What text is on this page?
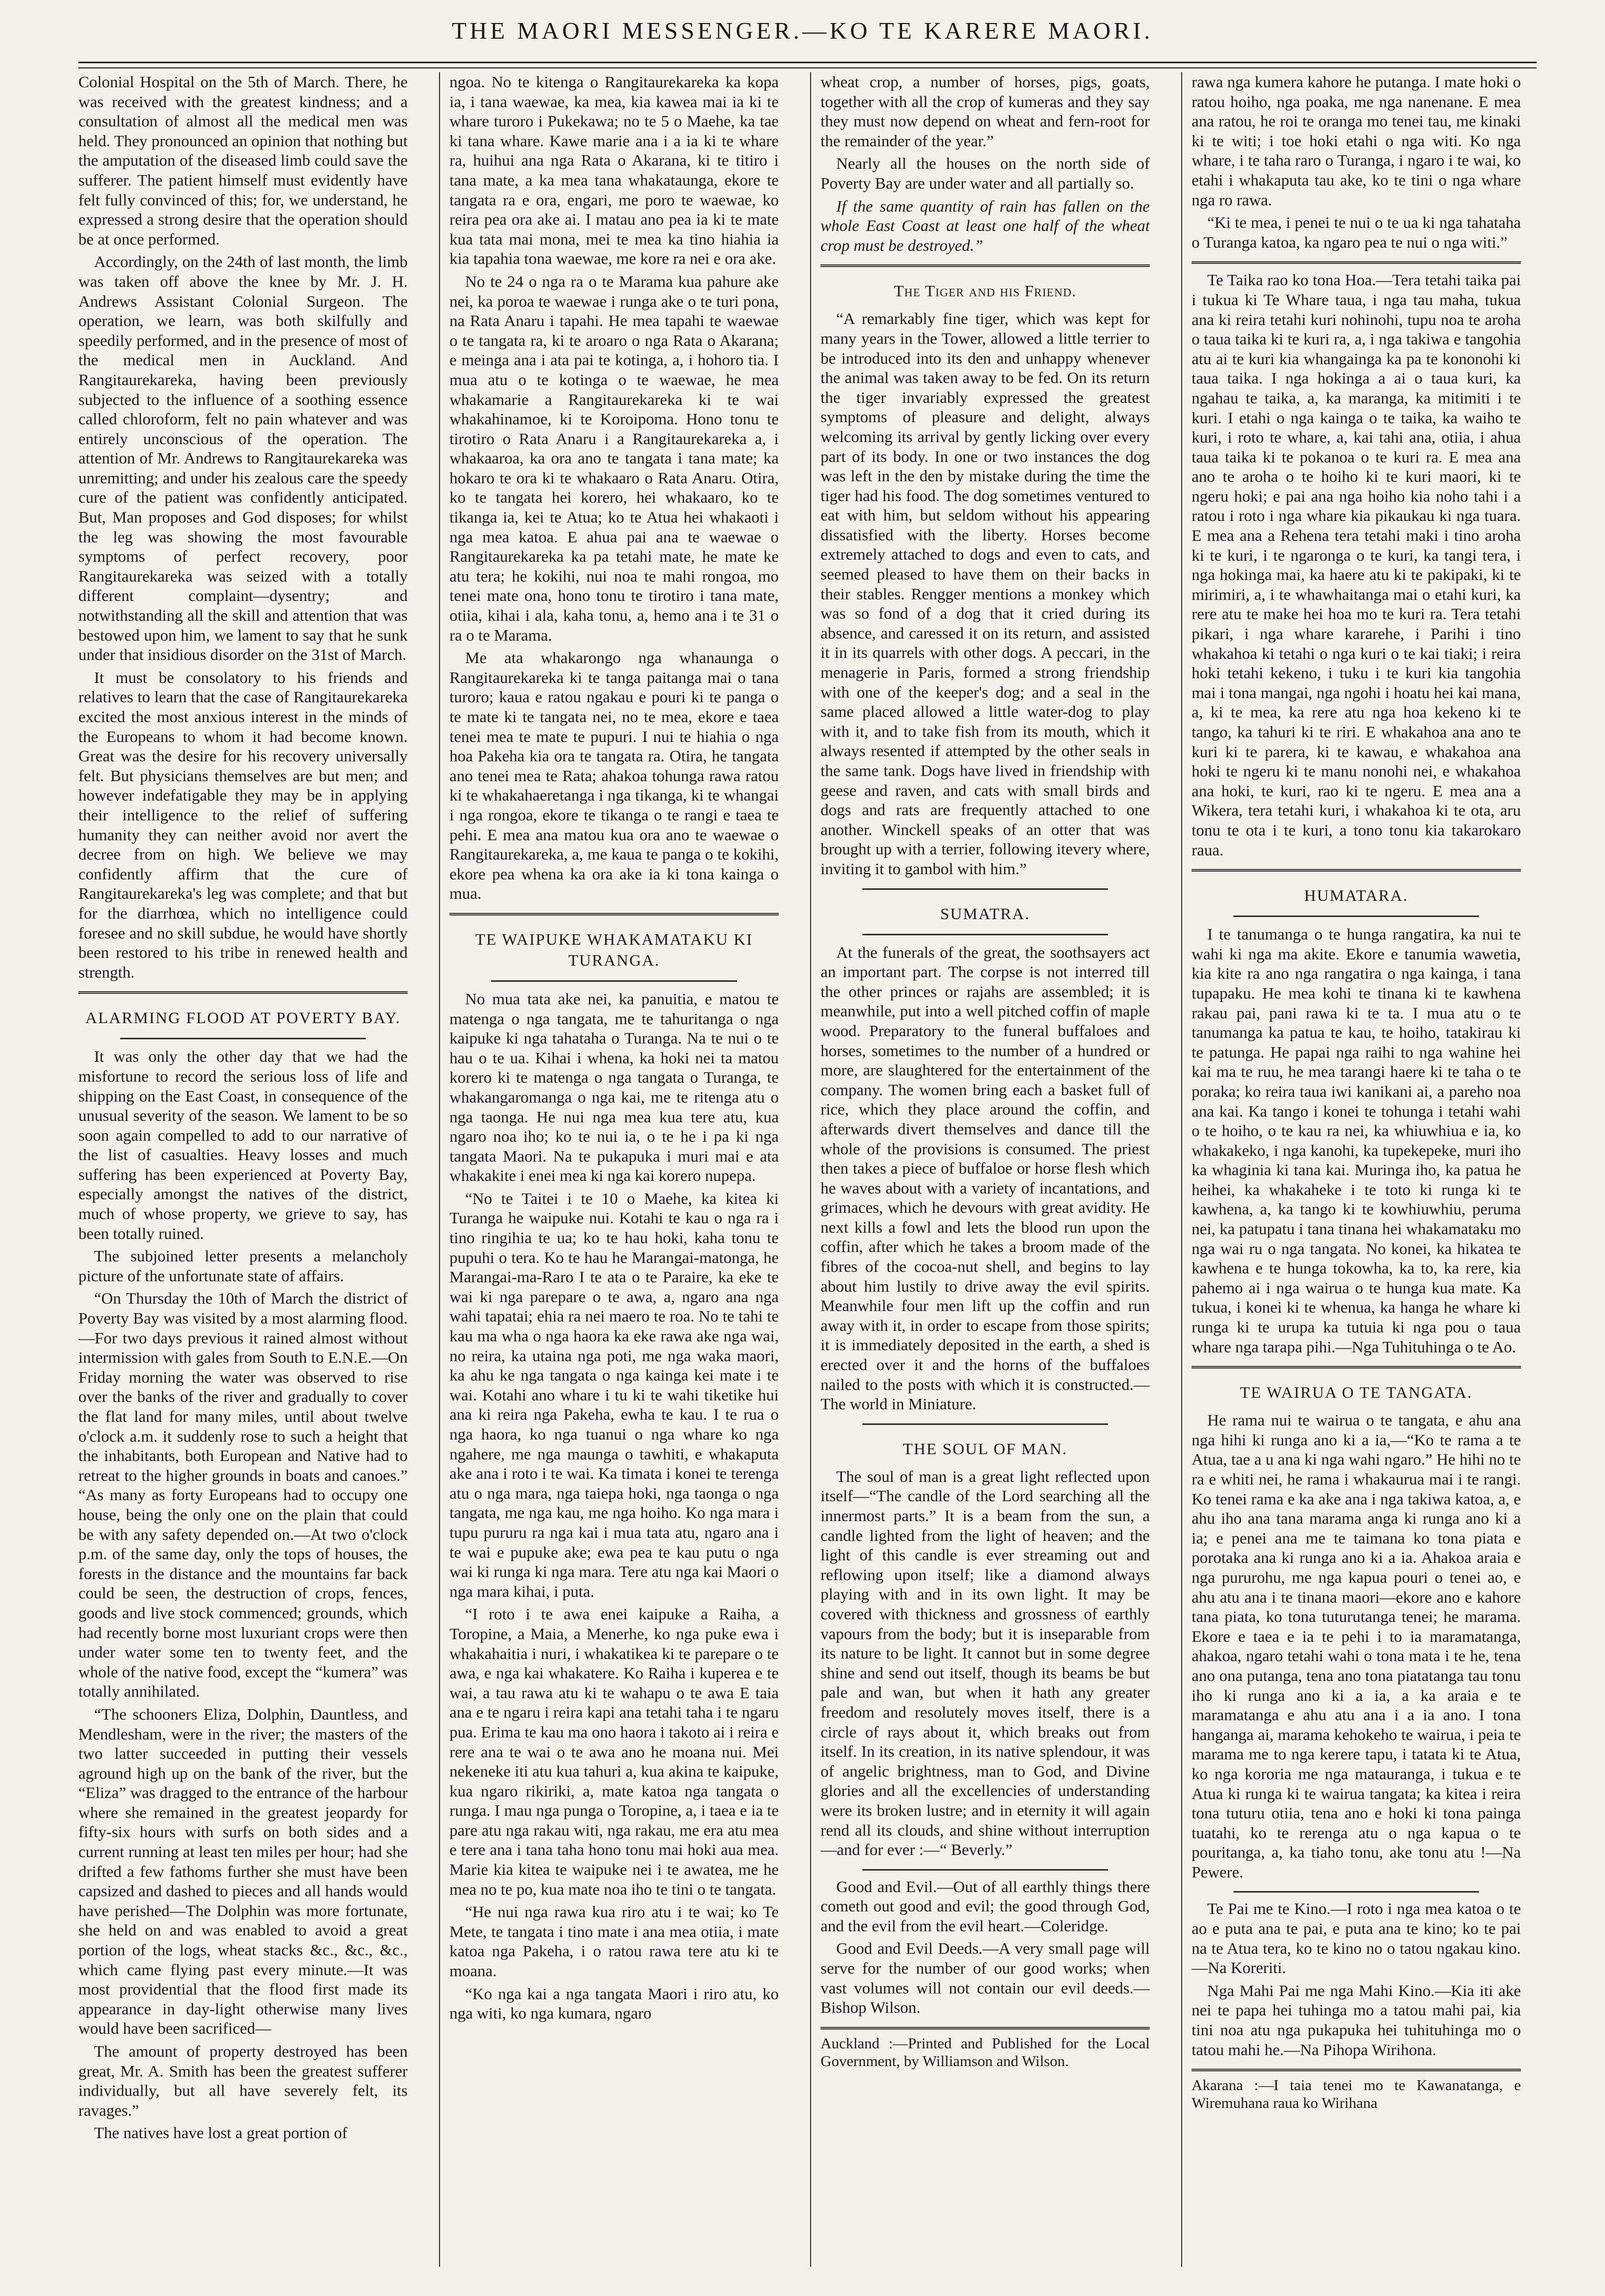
THE MAORI MESSENGER.—KO TE KARERE MAORI.

Colonial Hospital on the 5th of March. There, he was received with the greatest kindness; and a consultation of almost all the medical men was held. They pronounced an opinion that nothing but the amputation of the diseased limb could save the sufferer. The patient himself must evidently have felt fully convinced of this; for, we understand, he expressed a strong desire that the operation should be at once performed.

Accordingly, on the 24th of last month, the limb was taken off above the knee by Mr. J. H. Andrews Assistant Colonial Surgeon. The operation, we learn, was both skilfully and speedily performed, and in the presence of most of the medical men in Auckland. And Rangitaurekareka, having been previously subjected to the influence of a soothing essence called chloroform, felt no pain whatever and was entirely unconscious of the operation. The attention of Mr. Andrews to Rangitaurekareka was unremitting; and under his zealous care the speedy cure of the patient was confidently anticipated. But, Man proposes and God disposes; for whilst the leg was showing the most favourable symptoms of perfect recovery, poor Rangitaurekareka was seized with a totally different complaint—dysentry; and notwithstanding all the skill and attention that was bestowed upon him, we lament to say that he sunk under that insidious disorder on the 31st of March.

It must be consolatory to his friends and relatives to learn that the case of Rangitaurekareka excited the most anxious interest in the minds of the Europeans to whom it had become known. Great was the desire for his recovery universally felt. But physicians themselves are but men; and however indefatigable they may be in applying their intelligence to the relief of suffering humanity they can neither avoid nor avert the decree from on high. We believe we may confidently affirm that the cure of Rangitaurekareka's leg was complete; and that but for the diarrhœa, which no intelligence could foresee and no skill subdue, he would have shortly been restored to his tribe in renewed health and strength.

ALARMING FLOOD AT POVERTY BAY.

It was only the other day that we had the misfortune to record the serious loss of life and shipping on the East Coast, in consequence of the unusual severity of the season. We lament to be so soon again compelled to add to our narrative of the list of casualties. Heavy losses and much suffering has been experienced at Poverty Bay, especially amongst the natives of the district, much of whose property, we grieve to say, has been totally ruined.

The subjoined letter presents a melancholy picture of the unfortunate state of affairs.

“On Thursday the 10th of March the district of Poverty Bay was visited by a most alarming flood.—For two days previous it rained almost without intermission with gales from South to E.N.E.—On Friday morning the water was observed to rise over the banks of the river and gradually to cover the flat land for many miles, until about twelve o'clock a.m. it suddenly rose to such a height that the inhabitants, both European and Native had to retreat to the higher grounds in boats and canoes.” “As many as forty Europeans had to occupy one house, being the only one on the plain that could be with any safety depended on.—At two o'clock p.m. of the same day, only the tops of houses, the forests in the distance and the mountains far back could be seen, the destruction of crops, fences, goods and live stock commenced; grounds, which had recently borne most luxuriant crops were then under water some ten to twenty feet, and the whole of the native food, except the “kumera” was totally annihilated.

“The schooners Eliza, Dolphin, Dauntless, and Mendlesham, were in the river; the masters of the two latter succeeded in putting their vessels aground high up on the bank of the river, but the “Eliza” was dragged to the entrance of the harbour where she remained in the greatest jeopardy for fifty-six hours with surfs on both sides and a current running at least ten miles per hour; had she drifted a few fathoms further she must have been capsized and dashed to pieces and all hands would have perished—The Dolphin was more fortunate, she held on and was enabled to avoid a great portion of the logs, wheat stacks &c., &c., &c., which came flying past every minute.—It was most providential that the flood first made its appearance in day-light otherwise many lives would have been sacrificed—

The amount of property destroyed has been great, Mr. A. Smith has been the greatest sufferer individually, but all have severely felt, its ravages.”

The natives have lost a great portion of

ngoa. No te kitenga o Rangitaurekareka ka kopa ia, i tana waewae, ka mea, kia kawea mai ia ki te whare turoro i Pukekawa; no te 5 o Maehe, ka tae ki tana whare. Kawe marie ana i a ia ki te whare ra, huihui ana nga Rata o Akarana, ki te titiro i tana mate, a ka mea tana whakataunga, ekore te tangata ra e ora, engari, me poro te waewae, ko reira pea ora ake ai. I matau ano pea ia ki te mate kua tata mai mona, mei te mea ka tino hiahia ia kia tapahia tona waewae, me kore ra nei e ora ake.

No te 24 o nga ra o te Marama kua pahure ake nei, ka poroa te waewae i runga ake o te turi pona, na Rata Anaru i tapahi. He mea tapahi te waewae o te tangata ra, ki te aroaro o nga Rata o Akarana; e meinga ana i ata pai te kotinga, a, i hohoro tia. I mua atu o te kotinga o te waewae, he mea whakamarie a Rangitaurekareka ki te wai whakahinamoe, ki te Koroipoma. Hono tonu te tirotiro o Rata Anaru i a Rangitaurekareka a, i whakaaroa, ka ora ano te tangata i tana mate; ka hokaro te ora ki te whakaaro o Rata Anaru. Otira, ko te tangata hei korero, hei whakaaro, ko te tikanga ia, kei te Atua; ko te Atua hei whakaoti i nga mea katoa. E ahua pai ana te waewae o Rangitaurekareka ka pa tetahi mate, he mate ke atu tera; he kokihi, nui noa te mahi rongoa, mo tenei mate ona, hono tonu te tirotiro i tana mate, otiia, kihai i ala, kaha tonu, a, hemo ana i te 31 o ra o te Marama.

Me ata whakarongo nga whanaunga o Rangitaurekareka ki te tanga paitanga mai o tana turoro; kaua e ratou ngakau e pouri ki te panga o te mate ki te tangata nei, no te mea, ekore e taea tenei mea te mate te pupuri. I nui te hiahia o nga hoa Pakeha kia ora te tangata ra. Otira, he tangata ano tenei mea te Rata; ahakoa tohunga rawa ratou ki te whakahaeretanga i nga tikanga, ki te whangai i nga rongoa, ekore te tikanga o te rangi e taea te pehi. E mea ana matou kua ora ano te waewae o Rangitaurekareka, a, me kaua te panga o te kokihi, ekore pea whena ka ora ake ia ki tona kainga o mua.

TE WAIPUKE WHAKAMATAKU KI TURANGA.

No mua tata ake nei, ka panuitia, e matou te matenga o nga tangata, me te tahuritanga o nga kaipuke ki nga tahataha o Turanga. Na te nui o te hau o te ua. Kihai i whena, ka hoki nei ta matou korero ki te matenga o nga tangata o Turanga, te whakangaromanga o nga kai, me te ritenga atu o nga taonga. He nui nga mea kua tere atu, kua ngaro noa iho; ko te nui ia, o te he i pa ki nga tangata Maori. Na te pukapuka i muri mai e ata whakakite i enei mea ki nga kai korero nupepa.

“No te Taitei i te 10 o Maehe, ka kitea ki Turanga he waipuke nui. Kotahi te kau o nga ra i tino ringihia te ua; ko te hau hoki, kaha tonu te pupuhi o tera. Ko te hau he Marangai-matonga, he Marangai-ma-Raro I te ata o te Paraire, ka eke te wai ki nga parepare o te awa, a, ngaro ana nga wahi tapatai; ehia ra nei maero te roa. No te tahi te kau ma wha o nga haora ka eke rawa ake nga wai, no reira, ka utaina nga poti, me nga waka maori, ka ahu ke nga tangata o nga kainga kei mate i te wai. Kotahi ano whare i tu ki te wahi tiketike hui ana ki reira nga Pakeha, ewha te kau. I te rua o nga haora, ko nga tuanui o nga whare ko nga ngahere, me nga maunga o tawhiti, e whakaputa ake ana i roto i te wai. Ka timata i konei te terenga atu o nga mara, nga taiepa hoki, nga taonga o nga tangata, me nga kau, me nga hoiho. Ko nga mara i tupu pururu ra nga kai i mua tata atu, ngaro ana i te wai e pupuke ake; ewa pea te kau putu o nga wai ki runga ki nga mara. Tere atu nga kai Maori o nga mara kihai, i puta.

“I roto i te awa enei kaipuke a Raiha, a Toropine, a Maia, a Menerhe, ko nga puke ewa i whakahaitia i nuri, i whakatikea ki te parepare o te awa, e nga kai whakatere. Ko Raiha i kuperea e te wai, a tau rawa atu ki te wahapu o te awa E taia ana e te ngaru i reira kapi ana tetahi taha i te ngaru pua. Erima te kau ma ono haora i takoto ai i reira e rere ana te wai o te awa ano he moana nui. Mei nekeneke iti atu kua tahuri a, kua akina te kaipuke, kua ngaro rikiriki, a, mate katoa nga tangata o runga. I mau nga punga o Toropine, a, i taea e ia te pare atu nga rakau witi, nga rakau, me era atu mea e tere ana i tana taha hono tonu mai hoki aua mea. Marie kia kitea te waipuke nei i te awatea, me he mea no te po, kua mate noa iho te tini o te tangata.

“He nui nga rawa kua riro atu i te wai; ko Te Mete, te tangata i tino mate i ana mea otiia, i mate katoa nga Pakeha, i o ratou rawa tere atu ki te moana.

“Ko nga kai a nga tangata Maori i riro atu, ko nga witi, ko nga kumara, ngaro

wheat crop, a number of horses, pigs, goats, together with all the crop of kumeras and they say they must now depend on wheat and fern-root for the remainder of the year.”

Nearly all the houses on the north side of Poverty Bay are under water and all partially so.

If the same quantity of rain has fallen on the whole East Coast at least one half of the wheat crop must be destroyed.”

The Tiger and his Friend.

“A remarkably fine tiger, which was kept for many years in the Tower, allowed a little terrier to be introduced into its den and unhappy whenever the animal was taken away to be fed. On its return the tiger invariably expressed the greatest symptoms of pleasure and delight, always welcoming its arrival by gently licking over every part of its body. In one or two instances the dog was left in the den by mistake during the time the tiger had his food. The dog sometimes ventured to eat with him, but seldom without his appearing dissatisfied with the liberty. Horses become extremely attached to dogs and even to cats, and seemed pleased to have them on their backs in their stables. Rengger mentions a monkey which was so fond of a dog that it cried during its absence, and caressed it on its return, and assisted it in its quarrels with other dogs. A peccari, in the menagerie in Paris, formed a strong friendship with one of the keeper's dog; and a seal in the same placed allowed a little water-dog to play with it, and to take fish from its mouth, which it always resented if attempted by the other seals in the same tank. Dogs have lived in friendship with geese and raven, and cats with small birds and dogs and rats are frequently attached to one another. Winckell speaks of an otter that was brought up with a terrier, following itevery where, inviting it to gambol with him.”

SUMATRA.

At the funerals of the great, the soothsayers act an important part. The corpse is not interred till the other princes or rajahs are assembled; it is meanwhile, put into a well pitched coffin of maple wood. Preparatory to the funeral buffaloes and horses, sometimes to the number of a hundred or more, are slaughtered for the entertainment of the company. The women bring each a basket full of rice, which they place around the coffin, and afterwards divert themselves and dance till the whole of the provisions is consumed. The priest then takes a piece of buffaloe or horse flesh which he waves about with a variety of incantations, and grimaces, which he devours with great avidity. He next kills a fowl and lets the blood run upon the coffin, after which he takes a broom made of the fibres of the cocoa-nut shell, and begins to lay about him lustily to drive away the evil spirits. Meanwhile four men lift up the coffin and run away with it, in order to escape from those spirits; it is immediately deposited in the earth, a shed is erected over it and the horns of the buffaloes nailed to the posts with which it is constructed.—The world in Miniature.

THE SOUL OF MAN.

The soul of man is a great light reflected upon itself—“The candle of the Lord searching all the innermost parts.” It is a beam from the sun, a candle lighted from the light of heaven; and the light of this candle is ever streaming out and reflowing upon itself; like a diamond always playing with and in its own light. It may be covered with thickness and grossness of earthly vapours from the body; but it is inseparable from its nature to be light. It cannot but in some degree shine and send out itself, though its beams be but pale and wan, but when it hath any greater freedom and resolutely moves itself, there is a circle of rays about it, which breaks out from itself. In its creation, in its native splendour, it was of angelic brightness, man to God, and Divine glories and all the excellencies of understanding were its broken lustre; and in eternity it will again rend all its clouds, and shine without interruption—and for ever :—“ Beverly.”

Good and Evil.—Out of all earthly things there cometh out good and evil; the good through God, and the evil from the evil heart.—Coleridge.

Good and Evil Deeds.—A very small page will serve for the number of our good works; when vast volumes will not contain our evil deeds.—Bishop Wilson.

Auckland :—Printed and Published for the Local Government, by Williamson and Wilson.

rawa nga kumera kahore he putanga. I mate hoki o ratou hoiho, nga poaka, me nga nanenane. E mea ana ratou, he roi te oranga mo tenei tau, me kinaki ki te witi; i toe hoki etahi o nga witi. Ko nga whare, i te taha raro o Turanga, i ngaro i te wai, ko etahi i whakaputa tau ake, ko te tini o nga whare nga ro rawa.

“Ki te mea, i penei te nui o te ua ki nga tahataha o Turanga katoa, ka ngaro pea te nui o nga witi.”

Te Taika rao ko tona Hoa.—Tera tetahi taika pai i tukua ki Te Whare taua, i nga tau maha, tukua ana ki reira tetahi kuri nohinohi, tupu noa te aroha o taua taika ki te kuri ra, a, i nga takiwa e tangohia atu ai te kuri kia whangainga ka pa te kononohi ki taua taika. I nga hokinga a ai o taua kuri, ka ngahau te taika, a, ka maranga, ka mitimiti i te kuri. I etahi o nga kainga o te taika, ka waiho te kuri, i roto te whare, a, kai tahi ana, otiia, i ahua taua taika ki te pokanoa o te kuri ra. E mea ana ano te aroha o te hoiho ki te kuri maori, ki te ngeru hoki; e pai ana nga hoiho kia noho tahi i a ratou i roto i nga whare kia pikaukau ki nga tuara. E mea ana a Rehena tera tetahi maki i tino aroha ki te kuri, i te ngaronga o te kuri, ka tangi tera, i nga hokinga mai, ka haere atu ki te pakipaki, ki te mirimiri, a, i te whawhaitanga mai o etahi kuri, ka rere atu te make hei hoa mo te kuri ra. Tera tetahi pikari, i nga whare kararehe, i Parihi i tino whakahoa ki tetahi o nga kuri o te kai tiaki; i reira hoki tetahi kekeno, i tuku i te kuri kia tangohia mai i tona mangai, nga ngohi i hoatu hei kai mana, a, ki te mea, ka rere atu nga hoa kekeno ki te tango, ka tahuri ki te riri. E whakahoa ana ano te kuri ki te parera, ki te kawau, e whakahoa ana hoki te ngeru ki te manu nonohi nei, e whakahoa ana hoki, te kuri, rao ki te ngeru. E mea ana a Wikera, tera tetahi kuri, i whakahoa ki te ota, aru tonu te ota i te kuri, a tono tonu kia takarokaro raua.

HUMATARA.

I te tanumanga o te hunga rangatira, ka nui te wahi ki nga ma akite. Ekore e tanumia wawetia, kia kite ra ano nga rangatira o nga kainga, i tana tupapaku. He mea kohi te tinana ki te kawhena rakau pai, pani rawa ki te ta. I mua atu o te tanumanga ka patua te kau, te hoiho, tatakirau ki te patunga. He papai nga raihi to nga wahine hei kai ma te ruu, he mea tarangi haere ki te taha o te poraka; ko reira taua iwi kanikani ai, a pareho noa ana kai. Ka tango i konei te tohunga i tetahi wahi o te hoiho, o te kau ra nei, ka whiuwhiua e ia, ko whakakeko, i nga kanohi, ka tupekepeke, muri iho ka whaginia ki tana kai. Muringa iho, ka patua he heihei, ka whakaheke i te toto ki runga ki te kawhena, a, ka tango ki te kowhiuwhiu, peruma nei, ka patupatu i tana tinana hei whakamataku mo nga wai ru o nga tangata. No konei, ka hikatea te kawhena e te hunga tokowha, ka to, ka rere, kia pahemo ai i nga wairua o te hunga kua mate. Ka tukua, i konei ki te whenua, ka hanga he whare ki runga ki te urupa ka tutuia ki nga pou o taua whare nga tarapa pihi.—Nga Tuhituhinga o te Ao.

TE WAIRUA O TE TANGATA.

He rama nui te wairua o te tangata, e ahu ana nga hihi ki runga ano ki a ia,—“Ko te rama a te Atua, tae a u ana ki nga wahi ngaro.” He hihi no te ra e whiti nei, he rama i whakaurua mai i te rangi. Ko tenei rama e ka ake ana i nga takiwa katoa, a, e ahu iho ana tana marama anga ki runga ano ki a ia; e penei ana me te taimana ko tona piata e porotaka ana ki runga ano ki a ia. Ahakoa araia e nga pururohu, me nga kapua pouri o tenei ao, e ahu atu ana i te tinana maori—ekore ano e kahore tana piata, ko tona tuturutanga tenei; he marama. Ekore e taea e ia te pehi i to ia maramatanga, ahakoa, ngaro tetahi wahi o tona mata i te he, tena ano ona putanga, tena ano tona piatatanga tau tonu iho ki runga ano ki a ia, a ka araia e te maramatanga e ahu atu ana i a ia ano. I tona hanganga ai, marama kehokeho te wairua, i peia te marama me to nga kerere tapu, i tatata ki te Atua, ko nga kororia me nga matauranga, i tukua e te Atua ki runga ki te wairua tangata; ka kitea i reira tona tuturu otiia, tena ano e hoki ki tona painga tuatahi, ko te rerenga atu o nga kapua o te pouritanga, a, ka tiaho tonu, ake tonu atu !—Na Pewere.

Te Pai me te Kino.—I roto i nga mea katoa o te ao e puta ana te pai, e puta ana te kino; ko te pai na te Atua tera, ko te kino no o tatou ngakau kino.—Na Koreriti.

Nga Mahi Pai me nga Mahi Kino.—Kia iti ake nei te papa hei tuhinga mo a tatou mahi pai, kia tini noa atu nga pukapuka hei tuhituhinga mo o tatou mahi he.—Na Pihopa Wirihona.

Akarana :—I taia tenei mo te Kawanatanga, e Wiremuhana raua ko Wirihana
